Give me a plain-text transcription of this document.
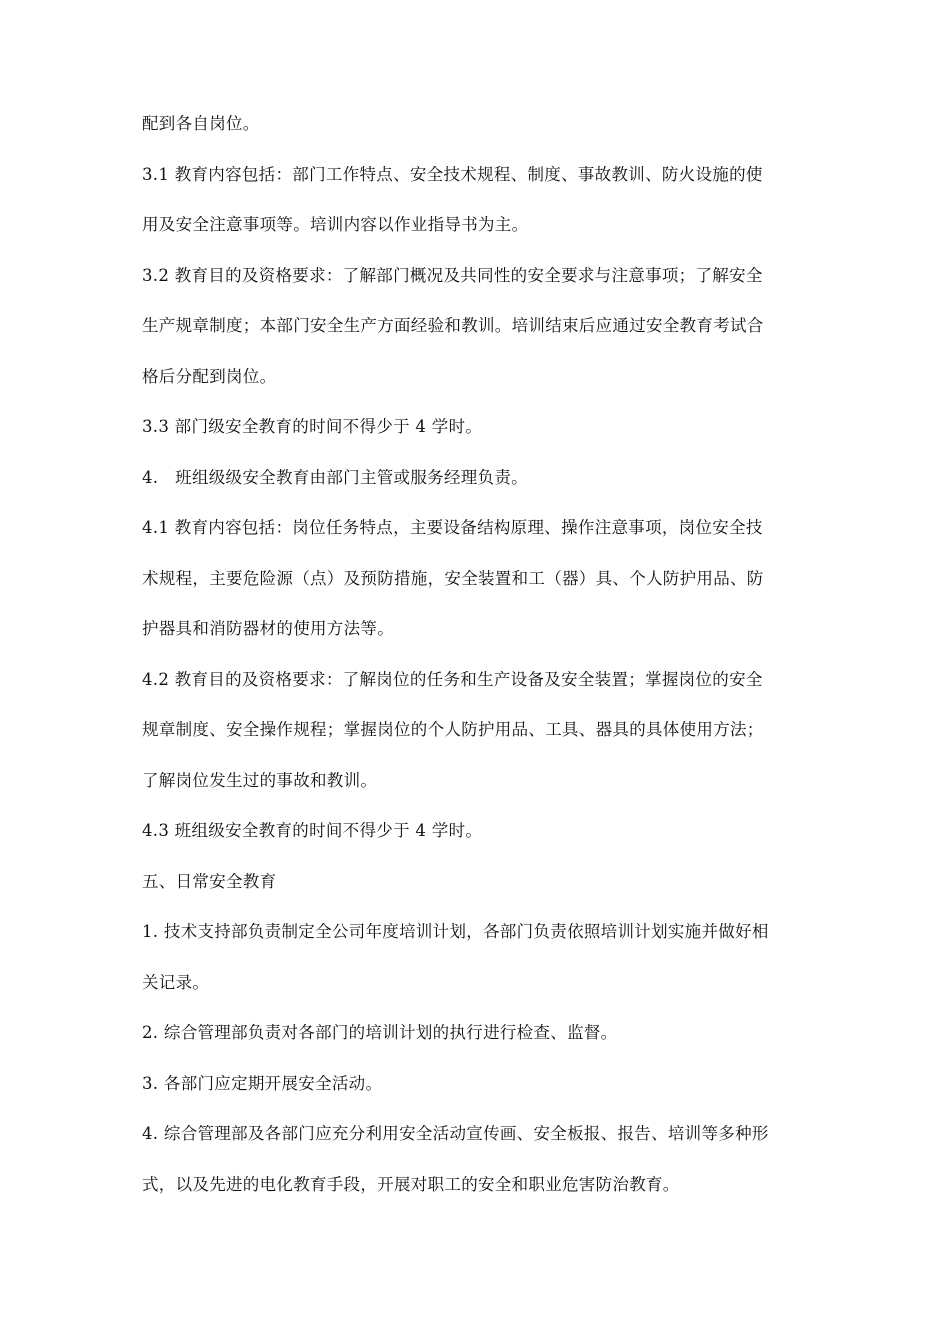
配到各自岗位。

3.1 教育内容包括：部门工作特点、安全技术规程、制度、事故教训、防火设施的使

用及安全注意事项等。培训内容以作业指导书为主。

3.2 教育目的及资格要求：了解部门概况及共同性的安全要求与注意事项；了解安全

生产规章制度；本部门安全生产方面经验和教训。培训结束后应通过安全教育考试合

格后分配到岗位。

3.3 部门级安全教育的时间不得少于 4 学时。

4.　班组级级安全教育由部门主管或服务经理负责。

4.1 教育内容包括：岗位任务特点，主要设备结构原理、操作注意事项，岗位安全技

术规程，主要危险源（点）及预防措施，安全装置和工（器）具、个人防护用品、防

护器具和消防器材的使用方法等。

4.2 教育目的及资格要求：了解岗位的任务和生产设备及安全装置；掌握岗位的安全

规章制度、安全操作规程；掌握岗位的个人防护用品、工具、器具的具体使用方法；

了解岗位发生过的事故和教训。

4.3 班组级安全教育的时间不得少于 4 学时。

五、日常安全教育

1. 技术支持部负责制定全公司年度培训计划，各部门负责依照培训计划实施并做好相

关记录。

2. 综合管理部负责对各部门的培训计划的执行进行检查、监督。

3. 各部门应定期开展安全活动。

4. 综合管理部及各部门应充分利用安全活动宣传画、安全板报、报告、培训等多种形

式，以及先进的电化教育手段，开展对职工的安全和职业危害防治教育。
